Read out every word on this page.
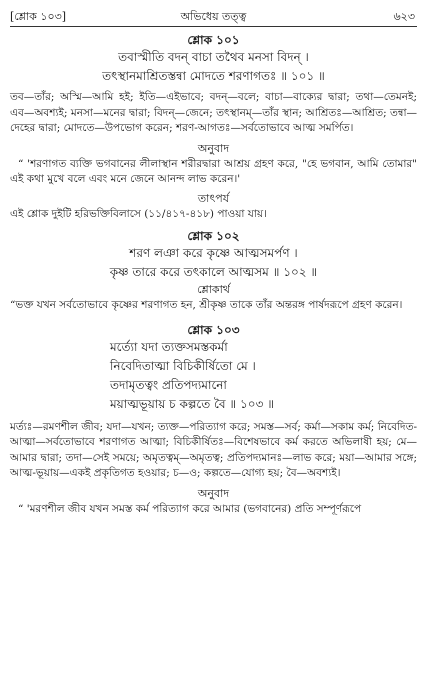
[শ্লোক ১০৩]	অভিধেয় তত্ত্ব	৬২৩
শ্লোক ১০১
তবাস্মীতি বদন্ বাচা তথৈব মনসা বিদন্ ।
তৎস্থানমাশ্রিতস্তন্বা মোদতে শরণাগতঃ ॥ ১০১ ॥

তব—তাঁর; অস্মি—আমি হই; ইতি—এইভাবে; বদন্—বলে; বাচা—বাক্যের দ্বারা; তথা—তেমনই; এব—অবশ্যই; মনসা—মনের দ্বারা; বিদন্—জেনে; তৎস্থানম্—তাঁর স্থান; আশ্রিতঃ—আশ্রিত; তন্বা—দেহের দ্বারা; মোদতে—উপভোগ করেন; শরণ-আগতঃ—সর্বতোভাবে আত্ম সমর্পিত।

অনুবাদ

“ 'শরণাগত ব্যক্তি ভগবানের লীলাস্থান শরীরদ্বারা আশ্রয় গ্রহণ করে, "হে ভগবান, আমি তোমার" এই কথা মুখে বলে এবং মনে জেনে আনন্দ লাভ করেন।'

তাৎপর্য

এই শ্লোক দুইটি হরিভক্তিবিলাসে (১১/৪১৭-৪১৮) পাওয়া যায়।

শ্লোক ১০২
শরণ লঞা করে কৃষ্ণে আত্মসমর্পণ ।
কৃষ্ণ তারে করে তৎকালে আত্মসম ॥ ১০২ ॥
শ্লোকার্থ

“ভক্ত যখন সর্বতোভাবে কৃষ্ণের শরণাগত হন, শ্রীকৃষ্ণ তাকে তাঁর অন্তরঙ্গ পার্ষদরূপে গ্রহণ করেন।

শ্লোক ১০৩
মর্ত্যো যদা ত্যক্তসমস্তকর্মা
নিবেদিতাত্মা বিচিকীর্ষিতো মে ।
তদামৃতত্বং প্রতিপদ্যমানো
ময়াত্মভূয়ায় চ কল্পতে বৈ ॥ ১০৩ ॥

মর্ত্যঃ—রমণশীল জীব; যদা—যখন; ত্যক্ত—পরিত্যাগ করে; সমস্ত—সর্ব; কর্মা—সকাম কর্ম; নিবেদিত-আত্মা—সর্বতোভাবে শরণাগত আত্মা; বিচিকীর্ষিতঃ—বিশেষভাবে কর্ম করতে অভিলাষী হয়; মে—আমার দ্বারা; তদা—সেই সময়ে; অমৃতত্বম্—অমৃতত্ব; প্রতিপদ্যমানঃ—লাভ করে; ময়া—আমার সঙ্গে; আত্ম-ভূয়ায়—একই প্রকৃতিগত হওয়ার; চ—ও; কল্পতে—যোগ্য হয়; বৈ—অবশ্যই।

অনুবাদ

“ 'মরণশীল জীব যখন সমস্ত কর্ম পরিত্যাগ করে আমার (ভগবানের) প্রতি সম্পূর্ণরূপে
